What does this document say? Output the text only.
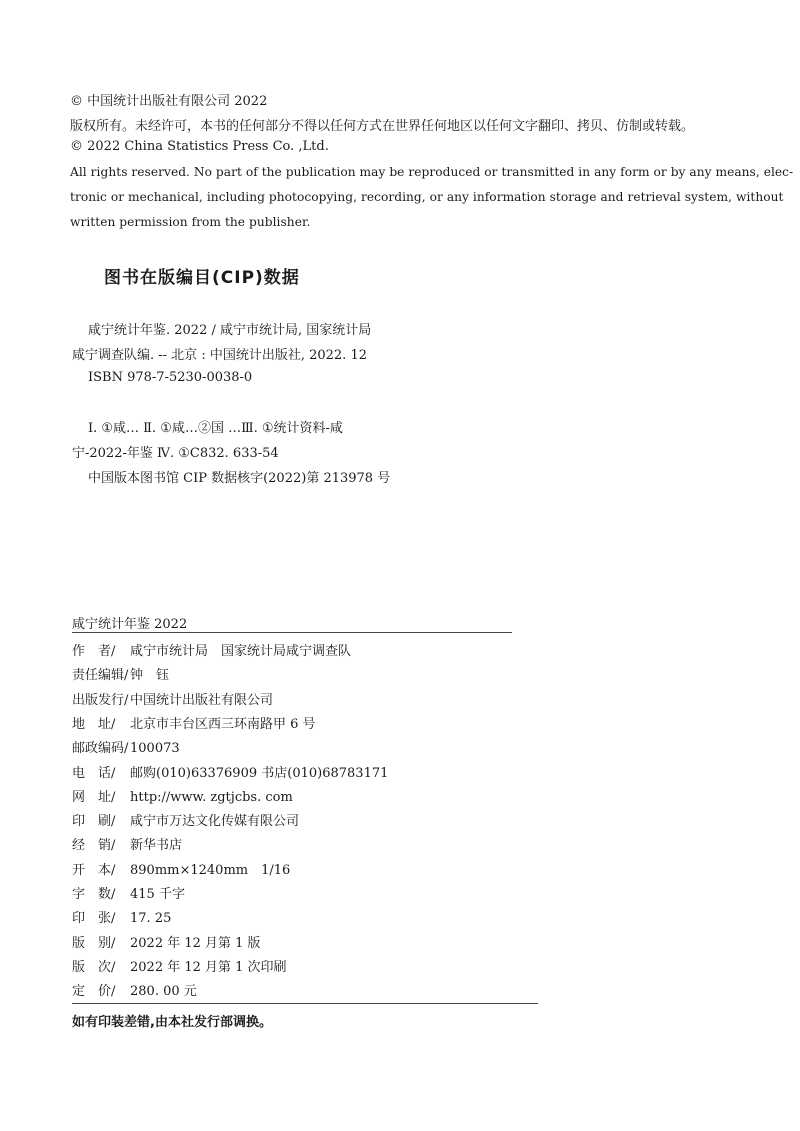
© 中国统计出版社有限公司 2022
版权所有。未经许可，本书的任何部分不得以任何方式在世界任何地区以任何文字翻印、拷贝、仿制或转载。
© 2022 China Statistics Press Co. ,Ltd.
All rights reserved. No part of the publication may be reproduced or transmitted in any form or by any means, elec-
tronic or mechanical, including photocopying, recording, or any information storage and retrieval system, without
written permission from the publisher.
图书在版编目(CIP)数据
咸宁统计年鉴. 2022 / 咸宁市统计局, 国家统计局
咸宁调查队编. -- 北京 : 中国统计出版社, 2022. 12
ISBN 978-7-5230-0038-0
Ⅰ. ①咸… Ⅱ. ①咸…②国 …Ⅲ. ①统计资料-咸
宁-2022-年鉴 Ⅳ. ①C832. 633-54
中国版本图书馆 CIP 数据核字(2022)第 213978 号
咸宁统计年鉴 2022
作　者/ 咸宁市统计局　国家统计局咸宁调查队
责任编辑/ 钟　钰
出版发行/ 中国统计出版社有限公司
地　址/ 北京市丰台区西三环南路甲 6 号
邮政编码/ 100073
电　话/ 邮购(010)63376909 书店(010)68783171
网　址/ http://www. zgtjcbs. com
印　刷/ 咸宁市万达文化传媒有限公司
经　销/ 新华书店
开　本/ 890mm×1240mm　1/16
字　数/ 415 千字
印　张/ 17. 25
版　别/ 2022 年 12 月第 1 版
版　次/ 2022 年 12 月第 1 次印刷
定　价/ 280. 00 元
如有印装差错,由本社发行部调换。
